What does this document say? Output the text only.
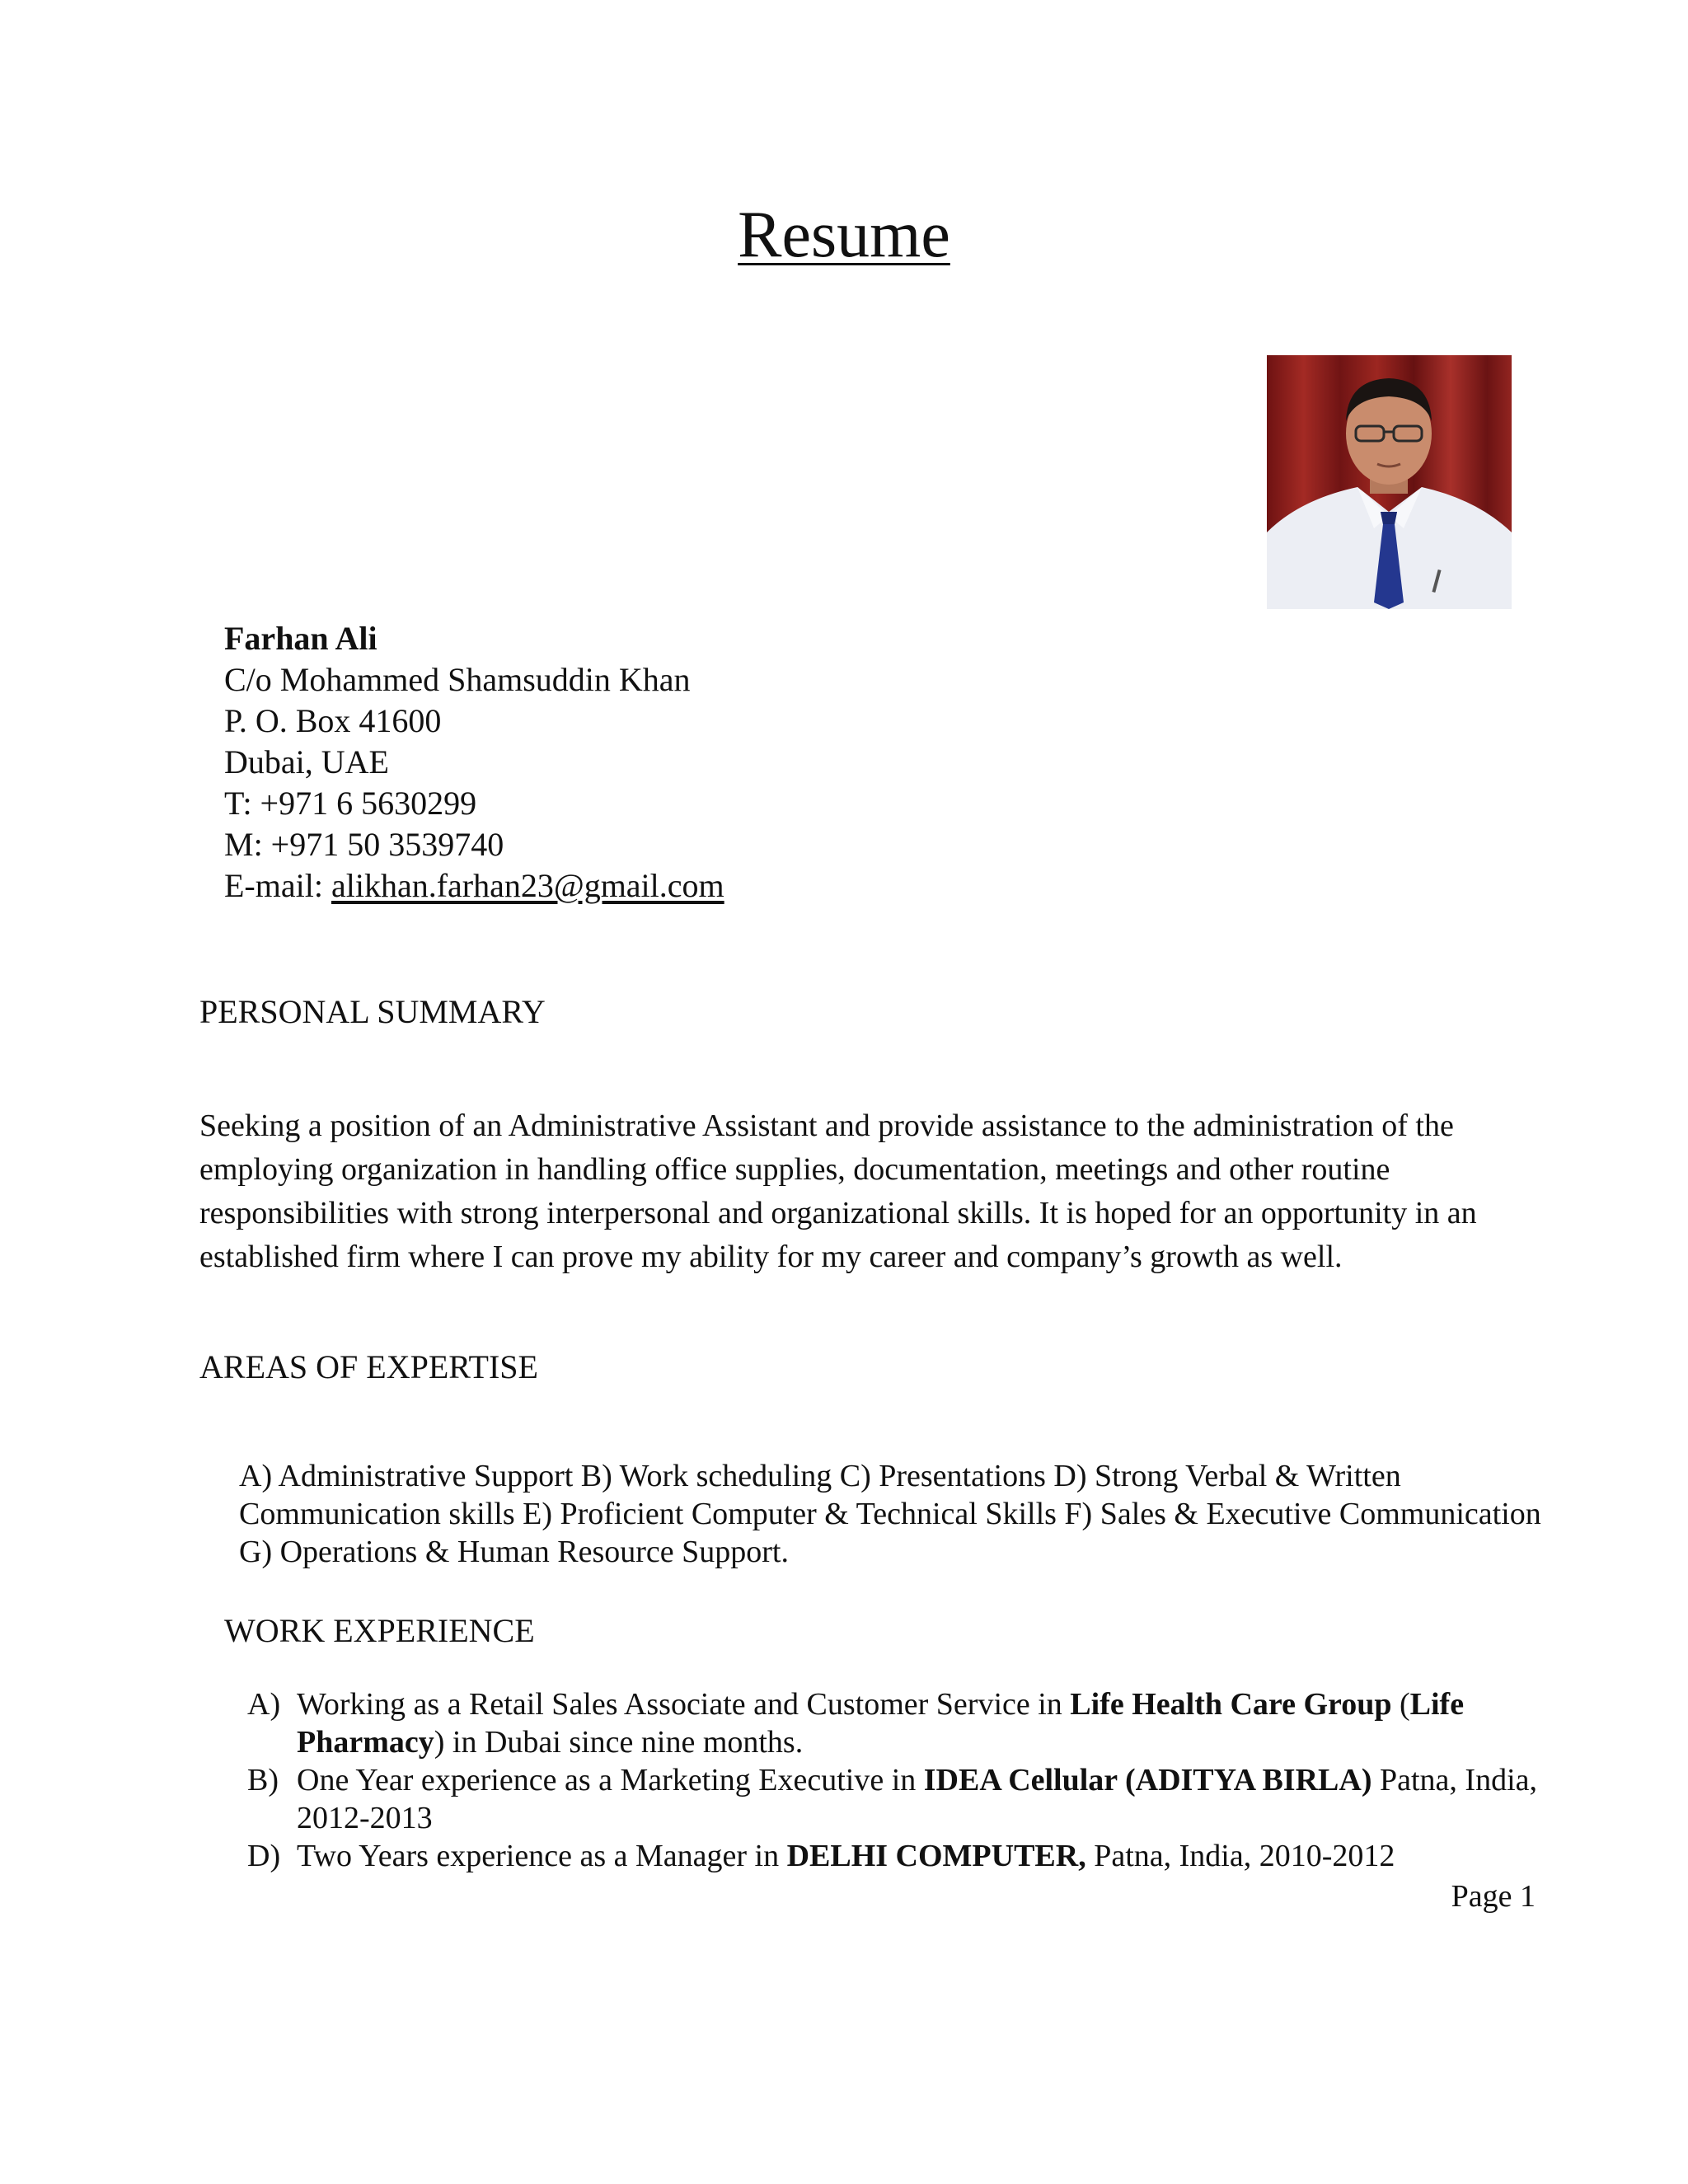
Resume
Farhan Ali
C/o Mohammed Shamsuddin Khan
P. O. Box 41600
Dubai, UAE
T: +971 6 5630299
M: +971 50 3539740
E-mail: alikhan.farhan23@gmail.com
PERSONAL SUMMARY

Seeking a position of an Administrative Assistant and provide assistance to the administration of the employing organization in handling office supplies, documentation, meetings and other routine responsibilities with strong interpersonal and organizational skills. It is hoped for an opportunity in an established firm where I can prove my ability for my career and company’s growth as well.

AREAS OF EXPERTISE

A) Administrative Support B) Work scheduling C) Presentations D) Strong Verbal & Written Communication skills E) Proficient Computer & Technical Skills F) Sales & Executive Communication G) Operations & Human Resource Support.

WORK EXPERIENCE
A) Working as a Retail Sales Associate and Customer Service in Life Health Care Group (Life Pharmacy) in Dubai since nine months.
B) One Year experience as a Marketing Executive in IDEA Cellular (ADITYA BIRLA) Patna, India, 2012-2013
D) Two Years experience as a Manager in DELHI COMPUTER, Patna, India, 2010-2012
Page 1
